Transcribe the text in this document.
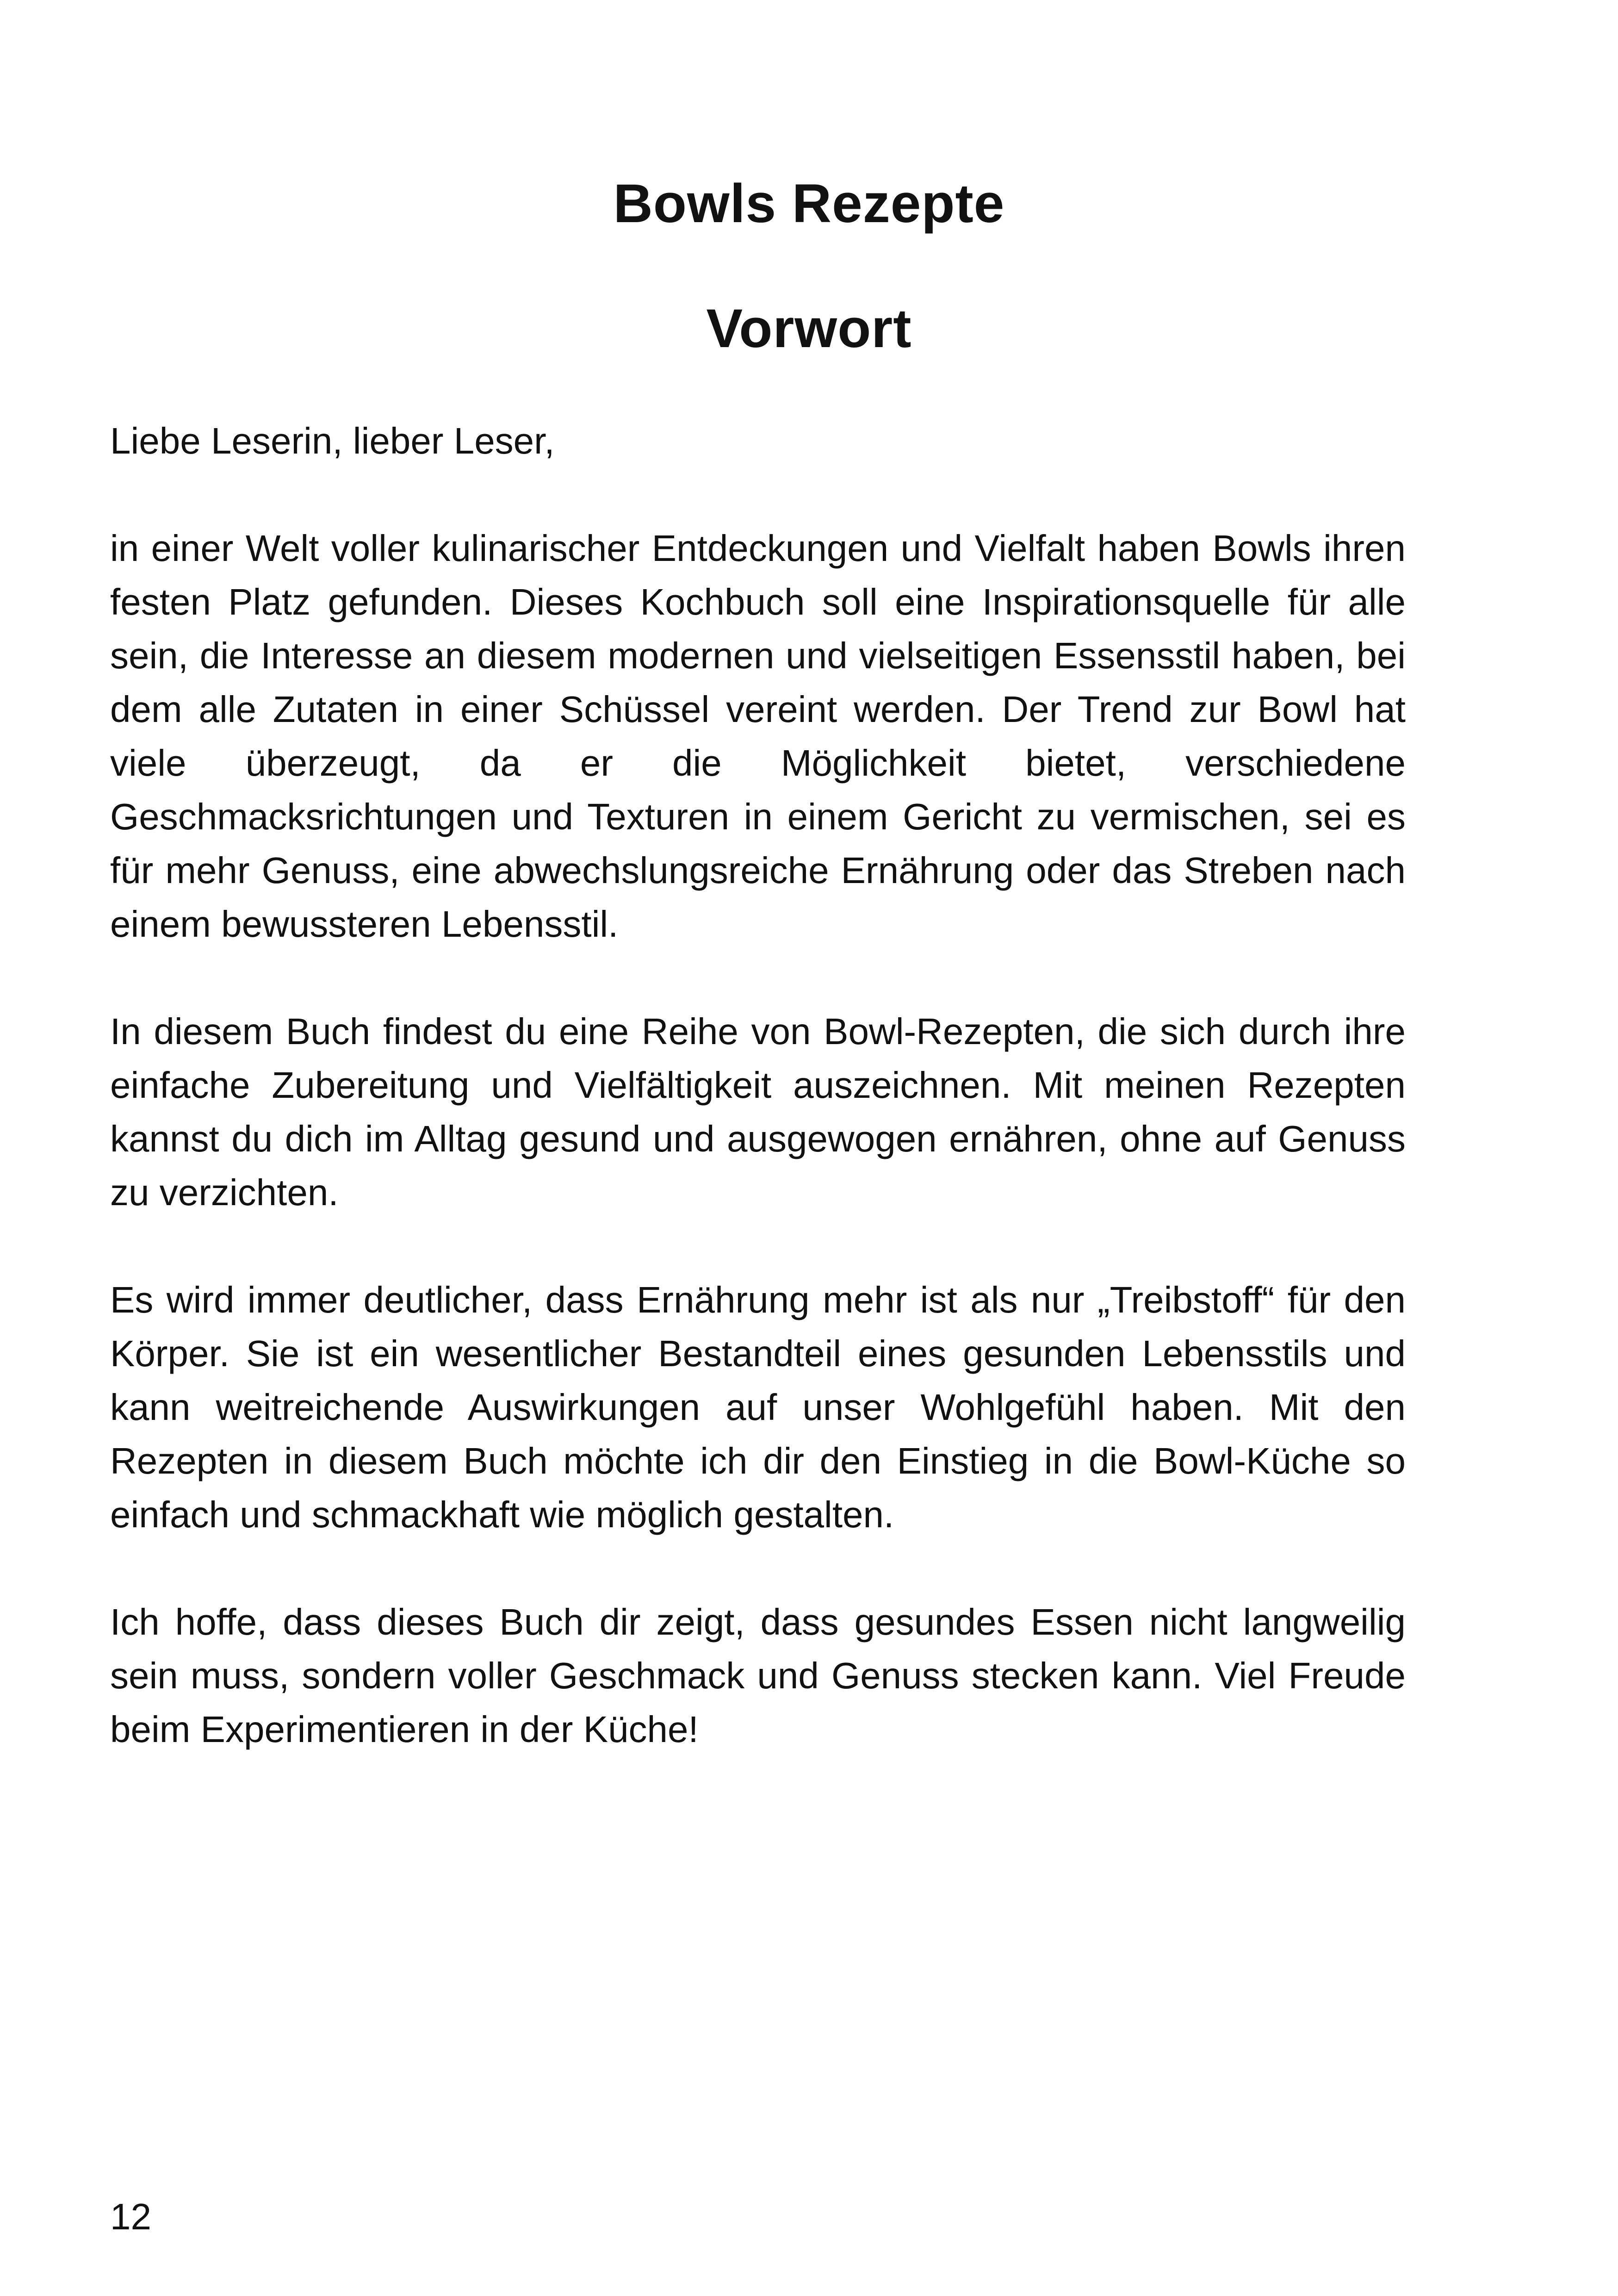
Bowls Rezepte
Vorwort

Liebe Leserin, lieber Leser,

in einer Welt voller kulinarischer Entdeckungen und Vielfalt haben Bowls ihren festen Platz gefunden. Dieses Kochbuch soll eine Inspirationsquelle für alle sein, die Interesse an diesem modernen und vielseitigen Essensstil haben, bei dem alle Zutaten in einer Schüssel vereint werden. Der Trend zur Bowl hat viele überzeugt, da er die Möglichkeit bietet, verschiedene Geschmacksrichtungen und Texturen in einem Gericht zu vermischen, sei es für mehr Genuss, eine abwechslungsreiche Ernährung oder das Streben nach einem bewussteren Lebensstil.

In diesem Buch findest du eine Reihe von Bowl-Rezepten, die sich durch ihre einfache Zubereitung und Vielfältigkeit auszeichnen. Mit meinen Rezepten kannst du dich im Alltag gesund und ausgewogen ernähren, ohne auf Genuss zu verzichten.

Es wird immer deutlicher, dass Ernährung mehr ist als nur „Treibstoff“ für den Körper. Sie ist ein wesentlicher Bestandteil eines gesunden Lebensstils und kann weitreichende Auswirkungen auf unser Wohlgefühl haben. Mit den Rezepten in diesem Buch möchte ich dir den Einstieg in die Bowl-Küche so einfach und schmackhaft wie möglich gestalten.

Ich hoffe, dass dieses Buch dir zeigt, dass gesundes Essen nicht langweilig sein muss, sondern voller Geschmack und Genuss stecken kann. Viel Freude beim Experimentieren in der Küche!

12
